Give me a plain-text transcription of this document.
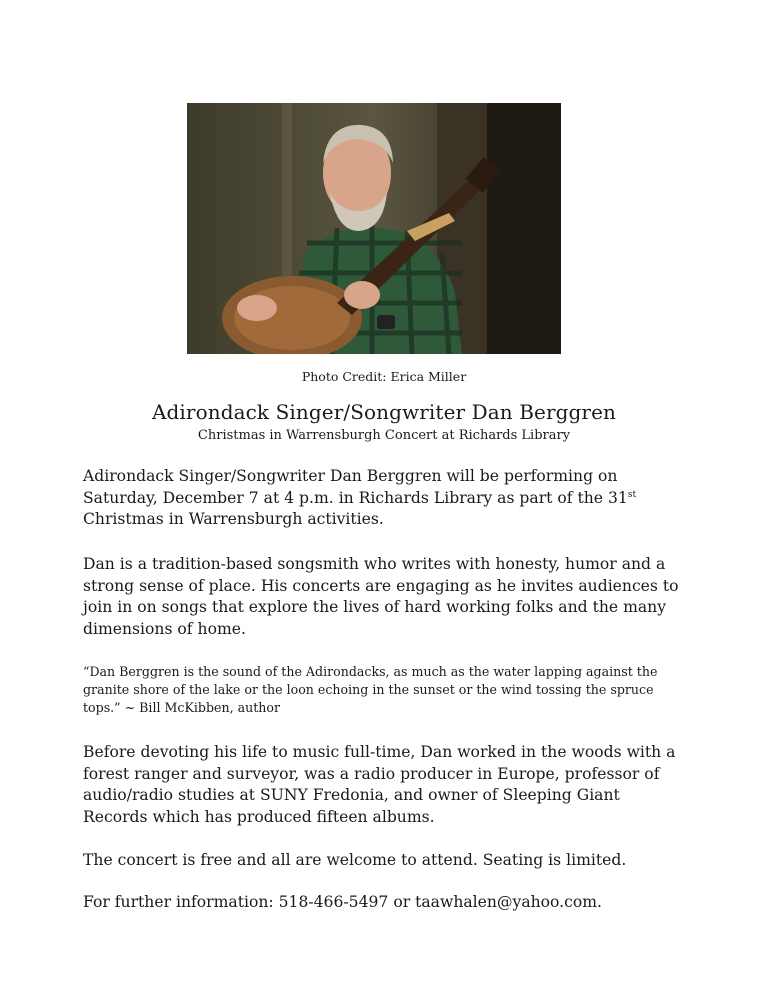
Photo Credit: Erica Miller
Adirondack Singer/Songwriter Dan Berggren
Christmas in Warrensburgh Concert at Richards Library
Adirondack Singer/Songwriter Dan Berggren will be performing on
Saturday, December 7 at 4 p.m. in Richards Library as part of the 31st
Christmas in Warrensburgh activities.
Dan is a tradition-based songsmith who writes with honesty, humor and a strong sense of place. His concerts are engaging as he invites audiences to join in on songs that explore the lives of hard working folks and the many dimensions of home.
“Dan Berggren is the sound of the Adirondacks, as much as the water lapping against the granite shore of the lake or the loon echoing in the sunset or the wind tossing the spruce tops.” ~ Bill McKibben, author
Before devoting his life to music full-time, Dan worked in the woods with a forest ranger and surveyor, was a radio producer in Europe, professor of audio/radio studies at SUNY Fredonia, and owner of Sleeping Giant Records which has produced fifteen albums.
The concert is free and all are welcome to attend. Seating is limited.
For further information: 518-466-5497 or taawhalen@yahoo.com.
